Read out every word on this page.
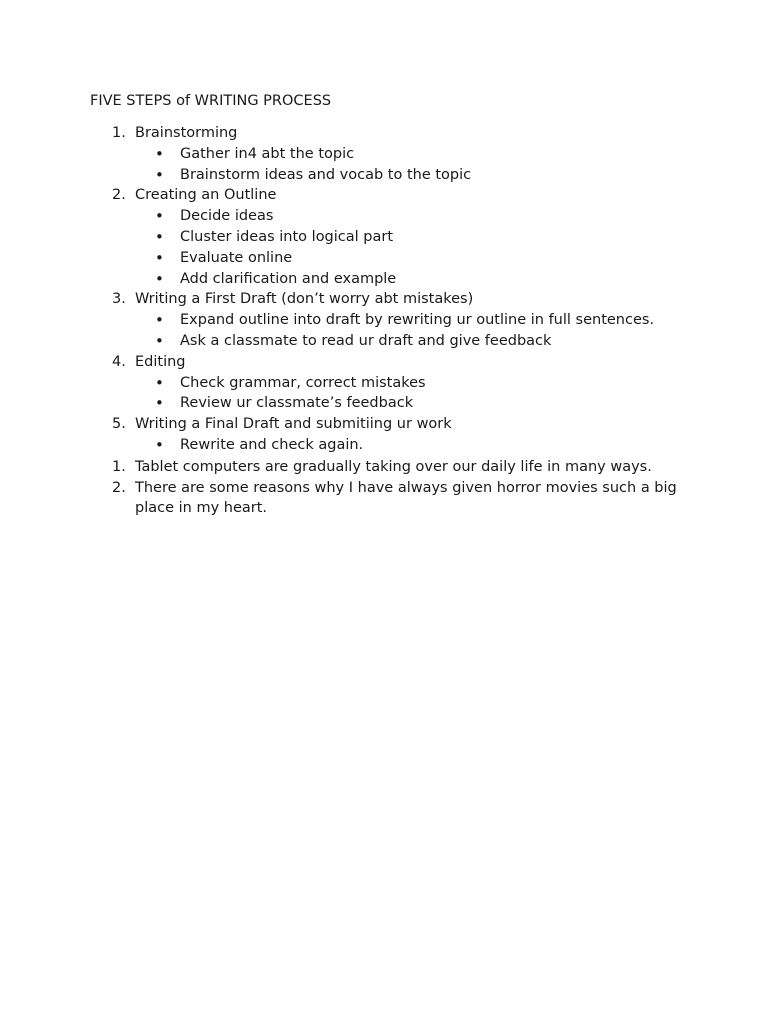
FIVE STEPS of WRITING PROCESS
1. Brainstorming
• Gather in4 abt the topic
• Brainstorm ideas and vocab to the topic
2. Creating an Outline
• Decide ideas
• Cluster ideas into logical part
• Evaluate online
• Add clarification and example
3. Writing a First Draft (don’t worry abt mistakes)
• Expand outline into draft by rewriting ur outline in full sentences.
• Ask a classmate to read ur draft and give feedback
4. Editing
• Check grammar, correct mistakes
• Review ur classmate’s feedback
5. Writing a Final Draft and submitiing ur work
• Rewrite and check again.
1. Tablet computers are gradually taking over our daily life in many ways.
2. There are some reasons why I have always given horror movies such a big place in my heart.
